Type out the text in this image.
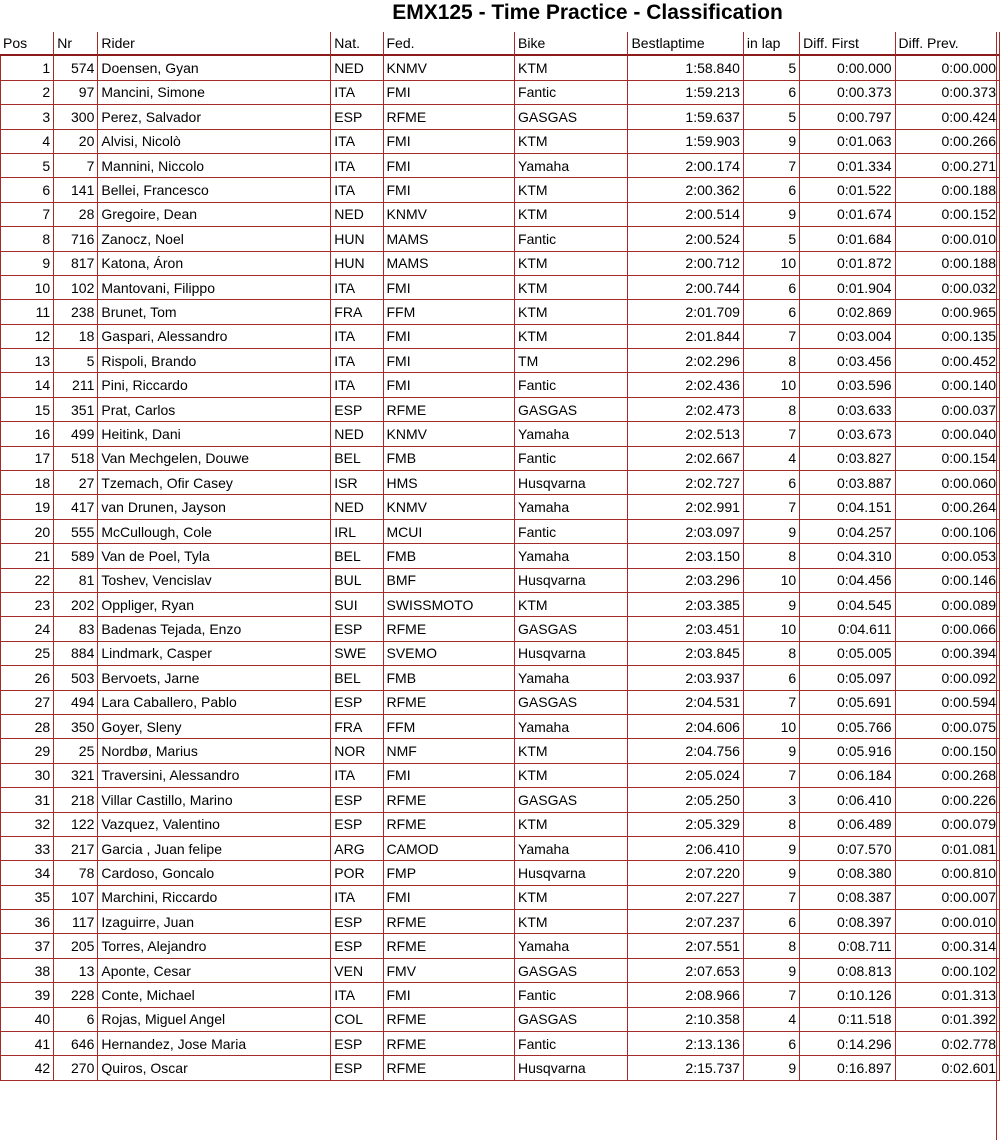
EMX125 - Time Practice - Classification
Pos	Nr	Rider	Nat.	Fed.	Bike	Bestlaptime	in lap	Diff. First	Diff. Prev.
1	574	Doensen, Gyan	NED	KNMV	KTM	1:58.840	5	0:00.000	0:00.000
2	97	Mancini, Simone	ITA	FMI	Fantic	1:59.213	6	0:00.373	0:00.373
3	300	Perez, Salvador	ESP	RFME	GASGAS	1:59.637	5	0:00.797	0:00.424
4	20	Alvisi, Nicolò	ITA	FMI	KTM	1:59.903	9	0:01.063	0:00.266
5	7	Mannini, Niccolo	ITA	FMI	Yamaha	2:00.174	7	0:01.334	0:00.271
6	141	Bellei, Francesco	ITA	FMI	KTM	2:00.362	6	0:01.522	0:00.188
7	28	Gregoire, Dean	NED	KNMV	KTM	2:00.514	9	0:01.674	0:00.152
8	716	Zanocz, Noel	HUN	MAMS	Fantic	2:00.524	5	0:01.684	0:00.010
9	817	Katona, Áron	HUN	MAMS	KTM	2:00.712	10	0:01.872	0:00.188
10	102	Mantovani, Filippo	ITA	FMI	KTM	2:00.744	6	0:01.904	0:00.032
11	238	Brunet, Tom	FRA	FFM	KTM	2:01.709	6	0:02.869	0:00.965
12	18	Gaspari, Alessandro	ITA	FMI	KTM	2:01.844	7	0:03.004	0:00.135
13	5	Rispoli, Brando	ITA	FMI	TM	2:02.296	8	0:03.456	0:00.452
14	211	Pini, Riccardo	ITA	FMI	Fantic	2:02.436	10	0:03.596	0:00.140
15	351	Prat, Carlos	ESP	RFME	GASGAS	2:02.473	8	0:03.633	0:00.037
16	499	Heitink, Dani	NED	KNMV	Yamaha	2:02.513	7	0:03.673	0:00.040
17	518	Van Mechgelen, Douwe	BEL	FMB	Fantic	2:02.667	4	0:03.827	0:00.154
18	27	Tzemach, Ofir Casey	ISR	HMS	Husqvarna	2:02.727	6	0:03.887	0:00.060
19	417	van Drunen, Jayson	NED	KNMV	Yamaha	2:02.991	7	0:04.151	0:00.264
20	555	McCullough, Cole	IRL	MCUI	Fantic	2:03.097	9	0:04.257	0:00.106
21	589	Van de Poel, Tyla	BEL	FMB	Yamaha	2:03.150	8	0:04.310	0:00.053
22	81	Toshev, Vencislav	BUL	BMF	Husqvarna	2:03.296	10	0:04.456	0:00.146
23	202	Oppliger, Ryan	SUI	SWISSMOTO	KTM	2:03.385	9	0:04.545	0:00.089
24	83	Badenas Tejada, Enzo	ESP	RFME	GASGAS	2:03.451	10	0:04.611	0:00.066
25	884	Lindmark, Casper	SWE	SVEMO	Husqvarna	2:03.845	8	0:05.005	0:00.394
26	503	Bervoets, Jarne	BEL	FMB	Yamaha	2:03.937	6	0:05.097	0:00.092
27	494	Lara Caballero, Pablo	ESP	RFME	GASGAS	2:04.531	7	0:05.691	0:00.594
28	350	Goyer, Sleny	FRA	FFM	Yamaha	2:04.606	10	0:05.766	0:00.075
29	25	Nordbø, Marius	NOR	NMF	KTM	2:04.756	9	0:05.916	0:00.150
30	321	Traversini, Alessandro	ITA	FMI	KTM	2:05.024	7	0:06.184	0:00.268
31	218	Villar Castillo, Marino	ESP	RFME	GASGAS	2:05.250	3	0:06.410	0:00.226
32	122	Vazquez, Valentino	ESP	RFME	KTM	2:05.329	8	0:06.489	0:00.079
33	217	Garcia , Juan felipe	ARG	CAMOD	Yamaha	2:06.410	9	0:07.570	0:01.081
34	78	Cardoso, Goncalo	POR	FMP	Husqvarna	2:07.220	9	0:08.380	0:00.810
35	107	Marchini, Riccardo	ITA	FMI	KTM	2:07.227	7	0:08.387	0:00.007
36	117	Izaguirre, Juan	ESP	RFME	KTM	2:07.237	6	0:08.397	0:00.010
37	205	Torres, Alejandro	ESP	RFME	Yamaha	2:07.551	8	0:08.711	0:00.314
38	13	Aponte, Cesar	VEN	FMV	GASGAS	2:07.653	9	0:08.813	0:00.102
39	228	Conte, Michael	ITA	FMI	Fantic	2:08.966	7	0:10.126	0:01.313
40	6	Rojas, Miguel Angel	COL	RFME	GASGAS	2:10.358	4	0:11.518	0:01.392
41	646	Hernandez, Jose Maria	ESP	RFME	Fantic	2:13.136	6	0:14.296	0:02.778
42	270	Quiros, Oscar	ESP	RFME	Husqvarna	2:15.737	9	0:16.897	0:02.601
